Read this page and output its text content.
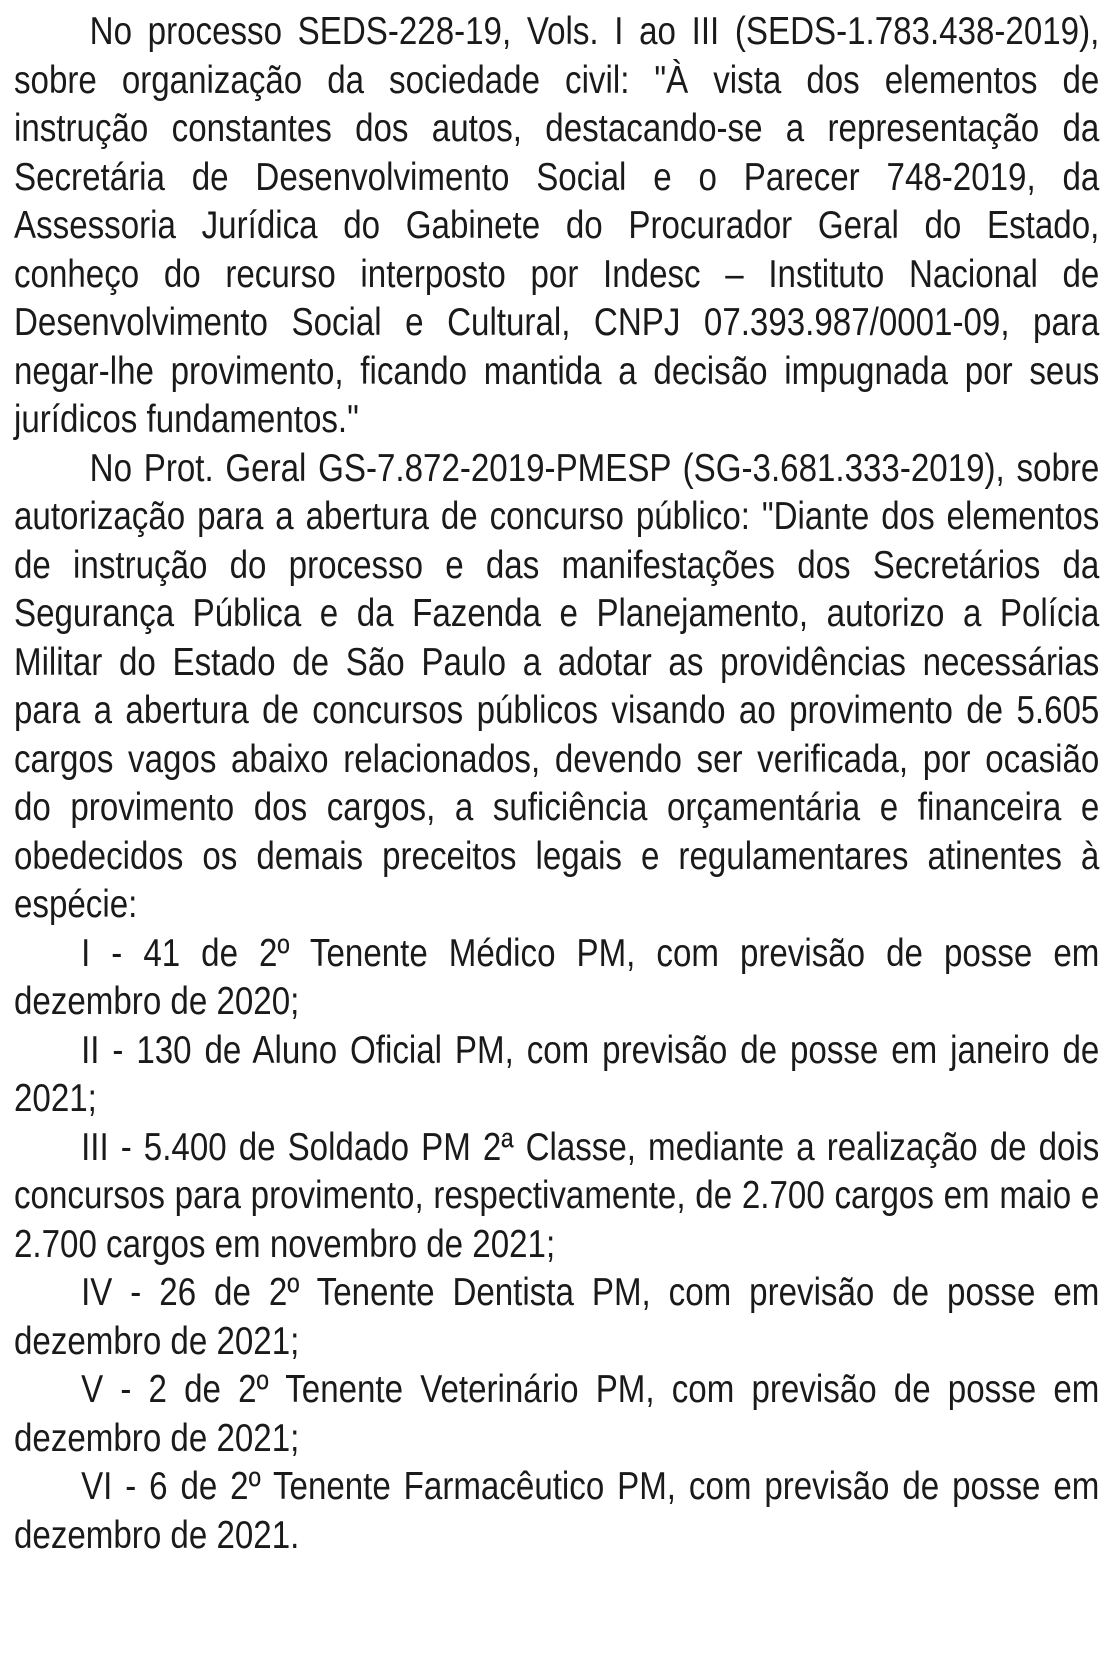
No processo SEDS-228-19, Vols. I ao III (SEDS-1.783.438-2019), sobre organização da sociedade civil: "À vista dos elementos de instrução constantes dos autos, destacando-se a representação da Secretária de Desenvolvimento Social e o Parecer 748-2019, da Assessoria Jurídica do Gabinete do Procurador Geral do Estado, conheço do recurso interposto por Indesc – Instituto Nacional de Desenvolvimento Social e Cultural, CNPJ 07.393.987/0001-09, para negar-lhe provimento, ficando mantida a decisão impugnada por seus jurídicos fundamentos."

No Prot. Geral GS-7.872-2019-PMESP (SG-3.681.333-2019), sobre autorização para a abertura de concurso público: "Diante dos elementos de instrução do processo e das manifestações dos Secretários da Segurança Pública e da Fazenda e Planejamento, autorizo a Polícia Militar do Estado de São Paulo a adotar as providências necessárias para a abertura de concursos públicos visando ao provimento de 5.605 cargos vagos abaixo relacionados, devendo ser verificada, por ocasião do provimento dos cargos, a suficiência orçamentária e financeira e obedecidos os demais preceitos legais e regulamentares atinentes à espécie:

I - 41 de 2º Tenente Médico PM, com previsão de posse em dezembro de 2020;

II - 130 de Aluno Oficial PM, com previsão de posse em janeiro de 2021;

III - 5.400 de Soldado PM 2ª Classe, mediante a realização de dois concursos para provimento, respectivamente, de 2.700 cargos em maio e 2.700 cargos em novembro de 2021;

IV - 26 de 2º Tenente Dentista PM, com previsão de posse em dezembro de 2021;

V - 2 de 2º Tenente Veterinário PM, com previsão de posse em dezembro de 2021;

VI - 6 de 2º Tenente Farmacêutico PM, com previsão de posse em dezembro de 2021.
